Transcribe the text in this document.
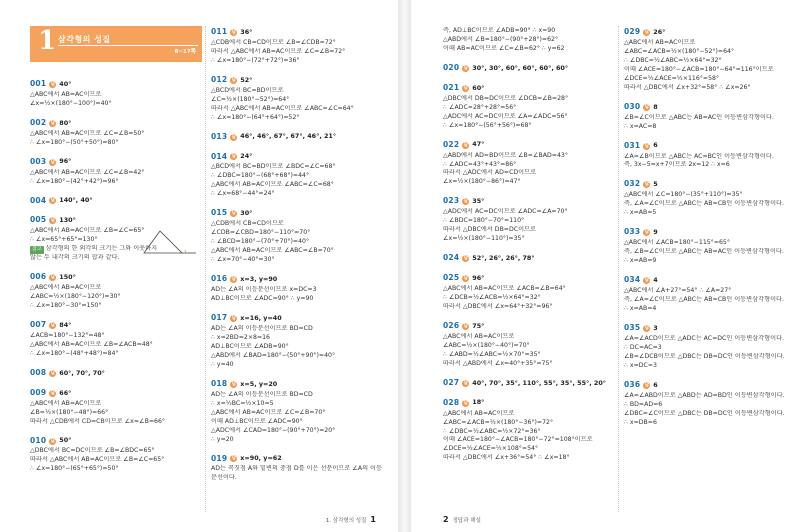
1 삼각형의 성질
8~17쪽
001 답 40°
△ABC에서 AB=AC이므로
∠x=½×(180°−100°)=40°
002 답 80°
△ABC에서 AB=AC이므로 ∠C=∠B=50°
∴ ∠x=180°−(50°+50°)=80°
003 답 96°
△ABC에서 AB=AC이므로 ∠C=∠B=42°
∴ ∠x=180°−(42°+42°)=96°
004 답 140°, 40°
005 답 130°
△ABC에서 AB=AC이므로 ∠B=∠C=65°
∴ ∠x=65°+65°=130°
참고 삼각형의 한 외각의 크기는 그와 이웃하지
않는 두 내각의 크기의 합과 같다.
006 답 150°
△ABC에서 AB=AC이므로
∠ABC=½×(180°−120°)=30°
∴ ∠x=180°−30°=150°
007 답 84°
∠ACB=180°−132°=48°
△ABC에서 AB=AC이므로 ∠B=∠ACB=48°
∴ ∠x=180°−(48°+48°)=84°
008 답 60°, 70°, 70°
009 답 66°
△ABC에서 AB=AC이므로
∠B=½×(180°−48°)=66°
따라서 △CDB에서 CD=CB이므로 ∠x=∠B=66°
010 답 50°
△DBC에서 BC=DC이므로 ∠B=∠BDC=65°
따라서 △ABC에서 AB=AC이므로 ∠B=∠C=65°
∴ ∠x=180°−(65°+65°)=50°
011 답 36°
△CDB에서 CB=CD이므로 ∠B=∠CDB=72°
따라서 △ABC에서 AB=AC이므로 ∠C=∠B=72°
∴ ∠x=180°−(72°+72°)=36°
012 답 52°
△BCD에서 BC=BD이므로
∠C=½×(180°−52°)=64°
따라서 △ABC에서 AB=AC이므로 ∠ABC=∠C=64°
∴ ∠x=180°−(64°+64°)=52°
013 답 46°, 46°, 67°, 67°, 46°, 21°
014 답 24°
△BCD에서 BC=BD이므로 ∠BDC=∠C=68°
∴ ∠DBC=180°−(68°+68°)=44°
△ABC에서 AB=AC이므로 ∠ABC=∠C=68°
∴ ∠x=68°−44°=24°
015 답 30°
△CDB에서 CB=CD이므로
∠CDB=∠CBD=180°−110°=70°
∴ ∠BCD=180°−(70°+70°)=40°
△ABC에서 AB=AC이므로 ∠ABC=∠B=70°
∴ ∠x=70°−40°=30°
016 답 x=3, y=90
AD는 ∠A의 이등분선이므로 x=DC=3
AD⊥BC이므로 ∠ADC=90° ∴ y=90
017 답 x=16, y=40
AD는 ∠A의 이등분선이므로 BD=CD
∴ x=2BD=2×8=16
AD⊥BC이므로 ∠ADB=90°
△ABD에서 ∠BAD=180°−(50°+90°)=40°
∴ y=40
018 답 x=5, y=20
AD는 ∠A의 이등분선이므로 BD=CD
∴ x=½BC=½×10=5
△ABC에서 AB=AC이므로 ∠C=∠B=70°
이때 AD⊥BC이므로 ∠ADC=90°
△ADC에서 ∠CAD=180°−(90°+70°)=20°
∴ y=20
019 답 x=90, y=62
AD는 꼭짓점 A와 밑변의 중점 D를 이은 선분이므로 ∠A의 이등
분선이다.
1. 삼각형의 성질 1
즉, AD⊥BC이므로 ∠ADB=90° ∴ x=90
△ABD에서 ∠B=180°−(90°+28°)=62°
이때 AB=AC이므로 ∠C=∠B=62° ∴ y=62
020 답 30°, 30°, 60°, 60°, 60°, 60°
021 답 60°
△DBC에서 DB=DC이므로 ∠DCB=∠B=28°
∴ ∠ADC=28°+28°=56°
△ADC에서 AC=DC이므로 ∠A=∠ADC=56°
∴ ∠x=180°−(56°+56°)=68°
022 답 47°
△ABD에서 AD=BD이므로 ∠B=∠BAD=43°
∴ ∠ADC=43°+43°=86°
따라서 △ADC에서 AD=CD이므로
∠x=½×(180°−86°)=47°
023 답 35°
△ADC에서 AC=DC이므로 ∠ADC=∠A=70°
∴ ∠BDC=180°−70°=110°
따라서 △DBC에서 DB=DC이므로
∠x=½×(180°−110°)=35°
024 답 52°, 26°, 26°, 78°
025 답 96°
△ABC에서 AB=AC이므로 ∠ACB=∠B=64°
∴ ∠DCB=½∠ACB=½×64°=32°
따라서 △DBC에서 ∠x=64°+32°=96°
026 답 75°
△ABC에서 AB=AC이므로
∠ABC=½×(180°−40°)=70°
∴ ∠ABD=½∠ABC=½×70°=35°
따라서 △ABD에서 ∠x=40°+35°=75°
027 답 40°, 70°, 35°, 110°, 55°, 35°, 55°, 20°
028 답 18°
△ABC에서 AB=AC이므로
∠ABC=∠ACB=½×(180°−36°)=72°
∴ ∠DBC=½∠ABC=½×72°=36°
이때 ∠ACE=180°−∠ACB=180°−72°=108°이므로
∠DCE=½∠ACE=½×108°=54°
따라서 △DBC에서 ∠x+36°=54° ∴ ∠x=18°
029 답 26°
△ABC에서 AB=AC이므로
∠ABC=∠ACB=½×(180°−52°)=64°
∴ ∠DBC=½∠ABC=½×64°=32°
이때 ∠ACE=180°−∠ACB=180°−64°=116°이므로
∠DCE=½∠ACE=½×116°=58°
따라서 △DBC에서 ∠x+32°=58° ∴ ∠x=26°
030 답 8
∠B=∠C이므로 △ABC는 AB=AC인 이등변삼각형이다.
∴ x=AC=8
031 답 6
∠A=∠B이므로 △ABC는 AC=BC인 이등변삼각형이다.
즉, 3x−5=x+7이므로 2x=12 ∴ x=6
032 답 5
△ABC에서 ∠C=180°−(35°+110°)=35°
즉, ∠A=∠C이므로 △ABC는 AB=CB인 이등변삼각형이다.
∴ x=AB=5
033 답 9
△ABC에서 ∠ACB=180°−115°=65°
즉, ∠B=∠C이므로 △ABC는 AB=AC인 이등변삼각형이다.
∴ x=AB=9
034 답 4
△ABC에서 ∠A+27°=54° ∴ ∠A=27°
즉, ∠A=∠C이므로 △ABC는 AB=CB인 이등변삼각형이다.
∴ x=AB=4
035 답 3
∠A=∠ACD이므로 △ADC는 AC=DC인 이등변삼각형이다.
∴ DC=AC=3
∠B=∠DCB이므로 △DBC는 DB=DC인 이등변삼각형이다.
∴ x=DC=3
036 답 6
∠A=∠ABD이므로 △ABD는 AD=BD인 이등변삼각형이다.
∴ BD=AD=6
∠DBC=∠C이므로 △DBC는 DB=DC인 이등변삼각형이다.
∴ x=DB=6
2 정답과 해설
